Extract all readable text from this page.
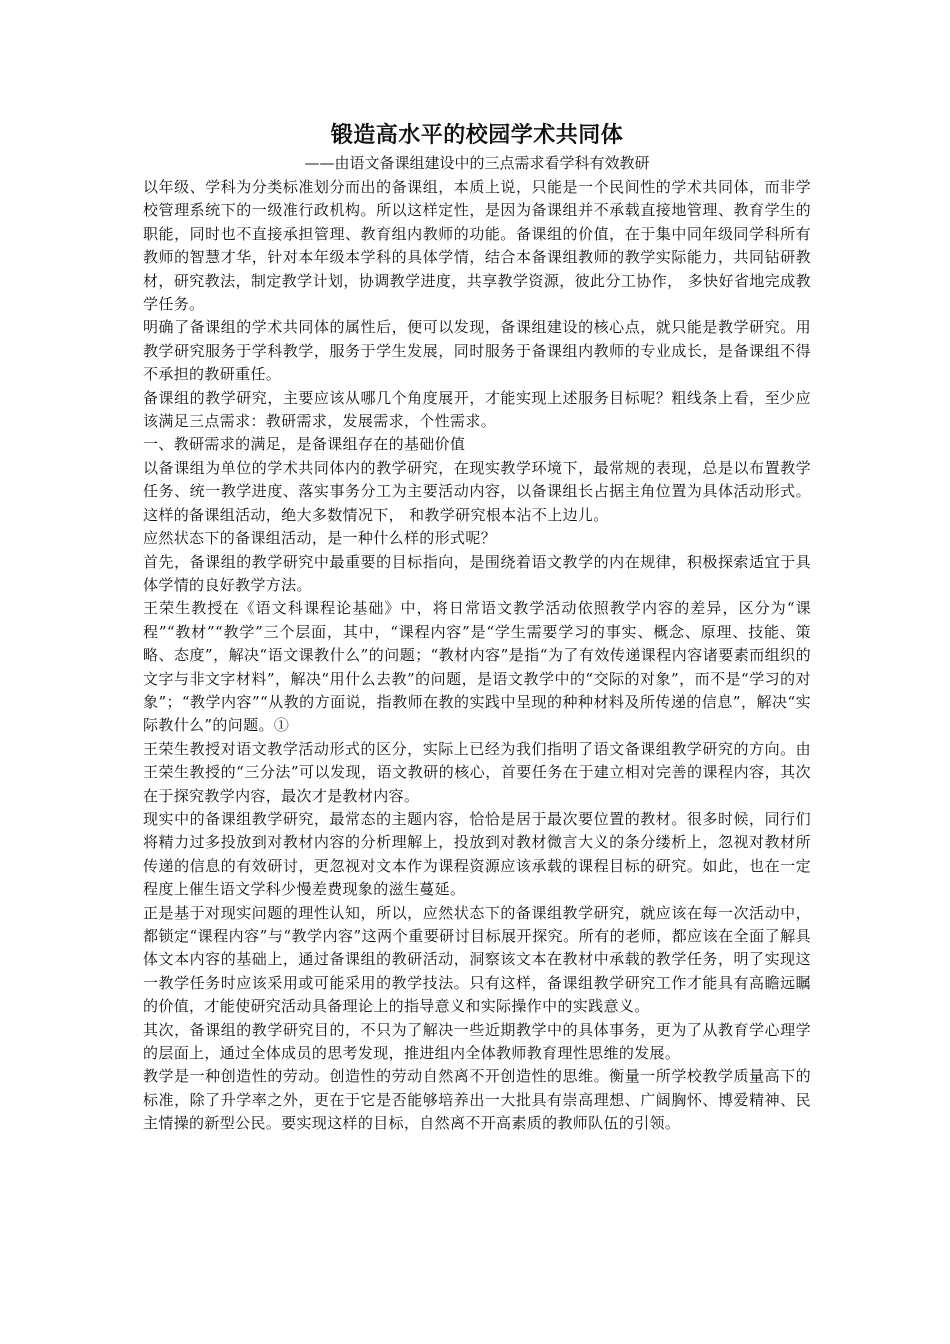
锻造高水平的校园学术共同体

——由语文备课组建设中的三点需求看学科有效教研

以年级、学科为分类标准划分而出的备课组，本质上说，只能是一个民间性的学术共同体，而非学校管理系统下的一级准行政机构。所以这样定性，是因为备课组并不承载直接地管理、教育学生的职能，同时也不直接承担管理、教育组内教师的功能。备课组的价值，在于集中同年级同学科所有教师的智慧才华，针对本年级本学科的具体学情，结合本备课组教师的教学实际能力，共同钻研教材，研究教法，制定教学计划，协调教学进度，共享教学资源，彼此分工协作， 多快好省地完成教学任务。

明确了备课组的学术共同体的属性后，便可以发现，备课组建设的核心点，就只能是教学研究。用教学研究服务于学科教学，服务于学生发展，同时服务于备课组内教师的专业成长，是备课组不得不承担的教研重任。

备课组的教学研究，主要应该从哪几个角度展开，才能实现上述服务目标呢？粗线条上看，至少应该满足三点需求：教研需求，发展需求，个性需求。

一、教研需求的满足，是备课组存在的基础价值

以备课组为单位的学术共同体内的教学研究，在现实教学环境下，最常规的表现，总是以布置教学任务、统一教学进度、落实事务分工为主要活动内容，以备课组长占据主角位置为具体活动形式。这样的备课组活动，绝大多数情况下， 和教学研究根本沾不上边儿。

应然状态下的备课组活动，是一种什么样的形式呢？

首先，备课组的教学研究中最重要的目标指向，是围绕着语文教学的内在规律，积极探索适宜于具体学情的良好教学方法。

王荣生教授在《语文科课程论基础》中，将日常语文教学活动依照教学内容的差异，区分为“课程”“教材”“教学”三个层面，其中，“课程内容”是“学生需要学习的事实、概念、原理、技能、策略、态度”，解决“语文课教什么”的问题；“教材内容”是指“为了有效传递课程内容诸要素而组织的文字与非文字材料”，解决“用什么去教”的问题，是语文教学中的“交际的对象”，而不是“学习的对象”；“教学内容”“从教的方面说，指教师在教的实践中呈现的种种材料及所传递的信息”，解决“实际教什么”的问题。①

王荣生教授对语文教学活动形式的区分，实际上已经为我们指明了语文备课组教学研究的方向。由王荣生教授的“三分法”可以发现，语文教研的核心，首要任务在于建立相对完善的课程内容，其次在于探究教学内容，最次才是教材内容。

现实中的备课组教学研究，最常态的主题内容，恰恰是居于最次要位置的教材。很多时候，同行们将精力过多投放到对教材内容的分析理解上，投放到对教材微言大义的条分缕析上，忽视对教材所传递的信息的有效研讨，更忽视对文本作为课程资源应该承载的课程目标的研究。如此，也在一定程度上催生语文学科少慢差费现象的滋生蔓延。

正是基于对现实问题的理性认知，所以，应然状态下的备课组教学研究，就应该在每一次活动中，都锁定“课程内容”与“教学内容”这两个重要研讨目标展开探究。所有的老师，都应该在全面了解具体文本内容的基础上，通过备课组的教研活动，洞察该文本在教材中承载的教学任务，明了实现这一教学任务时应该采用或可能采用的教学技法。只有这样，备课组教学研究工作才能具有高瞻远瞩的价值，才能使研究活动具备理论上的指导意义和实际操作中的实践意义。

其次，备课组的教学研究目的，不只为了解决一些近期教学中的具体事务，更为了从教育学心理学的层面上，通过全体成员的思考发现，推进组内全体教师教育理性思维的发展。

教学是一种创造性的劳动。创造性的劳动自然离不开创造性的思维。衡量一所学校教学质量高下的标准，除了升学率之外，更在于它是否能够培养出一大批具有崇高理想、广阔胸怀、博爱精神、民主情操的新型公民。要实现这样的目标，自然离不开高素质的教师队伍的引领。
